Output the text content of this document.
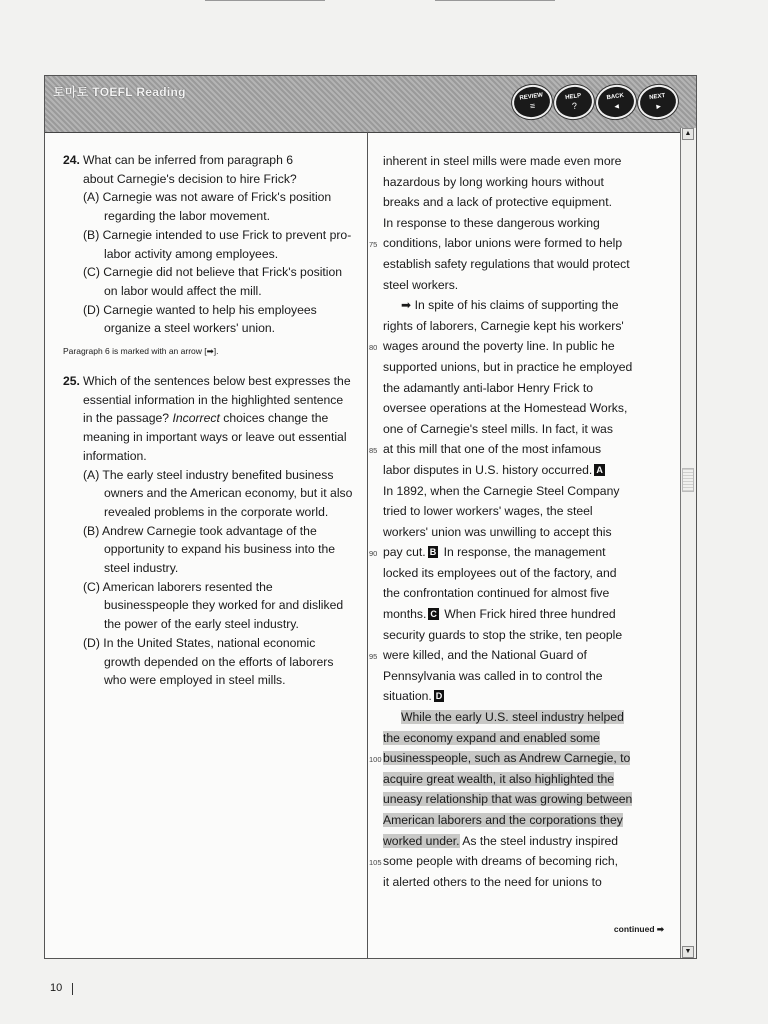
토마토 TOEFL Reading	REVIEW
≡
HELP
?
BACK
◂
NEXT
▸
▲
▼
24. What can be inferred from paragraph 6
about Carnegie's decision to hire Frick?
(A) Carnegie was not aware of Frick's position regarding the labor movement.
(B) Carnegie intended to use Frick to prevent pro-labor activity among employees.
(C) Carnegie did not believe that Frick's position on labor would affect the mill.
(D) Carnegie wanted to help his employees organize a steel workers' union.
Paragraph 6 is marked with an arrow [➡].
25. Which of the sentences below best expresses the essential information in the highlighted sentence in the passage? Incorrect choices change the meaning in important ways or leave out essential information.
(A) The early steel industry benefited business owners and the American economy, but it also revealed problems in the corporate world.
(B) Andrew Carnegie took advantage of the opportunity to expand his business into the steel industry.
(C) American laborers resented the businesspeople they worked for and disliked the power of the early steel industry.
(D) In the United States, national economic growth depended on the efforts of laborers who were employed in steel mills.
inherent in steel mills were made even more
hazardous by long working hours without
breaks and a lack of protective equipment.
In response to these dangerous working
75 conditions, labor unions were formed to help
establish safety regulations that would protect
steel workers.
➡ In spite of his claims of supporting the
rights of laborers, Carnegie kept his workers'
80 wages around the poverty line. In public he
supported unions, but in practice he employed
the adamantly anti-labor Henry Frick to
oversee operations at the Homestead Works,
one of Carnegie's steel mills. In fact, it was
85 at this mill that one of the most infamous
labor disputes in U.S. history occurred. A
In 1892, when the Carnegie Steel Company
tried to lower workers' wages, the steel
workers' union was unwilling to accept this
90 pay cut. B In response, the management
locked its employees out of the factory, and
the confrontation continued for almost five
months. C When Frick hired three hundred
security guards to stop the strike, ten people
95 were killed, and the National Guard of
Pennsylvania was called in to control the
situation. D
While the early U.S. steel industry helped
the economy expand and enabled some
100 businesspeople, such as Andrew Carnegie, to
acquire great wealth, it also highlighted the
uneasy relationship that was growing between
American laborers and the corporations they
worked under. As the steel industry inspired
105 some people with dreams of becoming rich,
it alerted others to the need for unions to
continued ➡
10
